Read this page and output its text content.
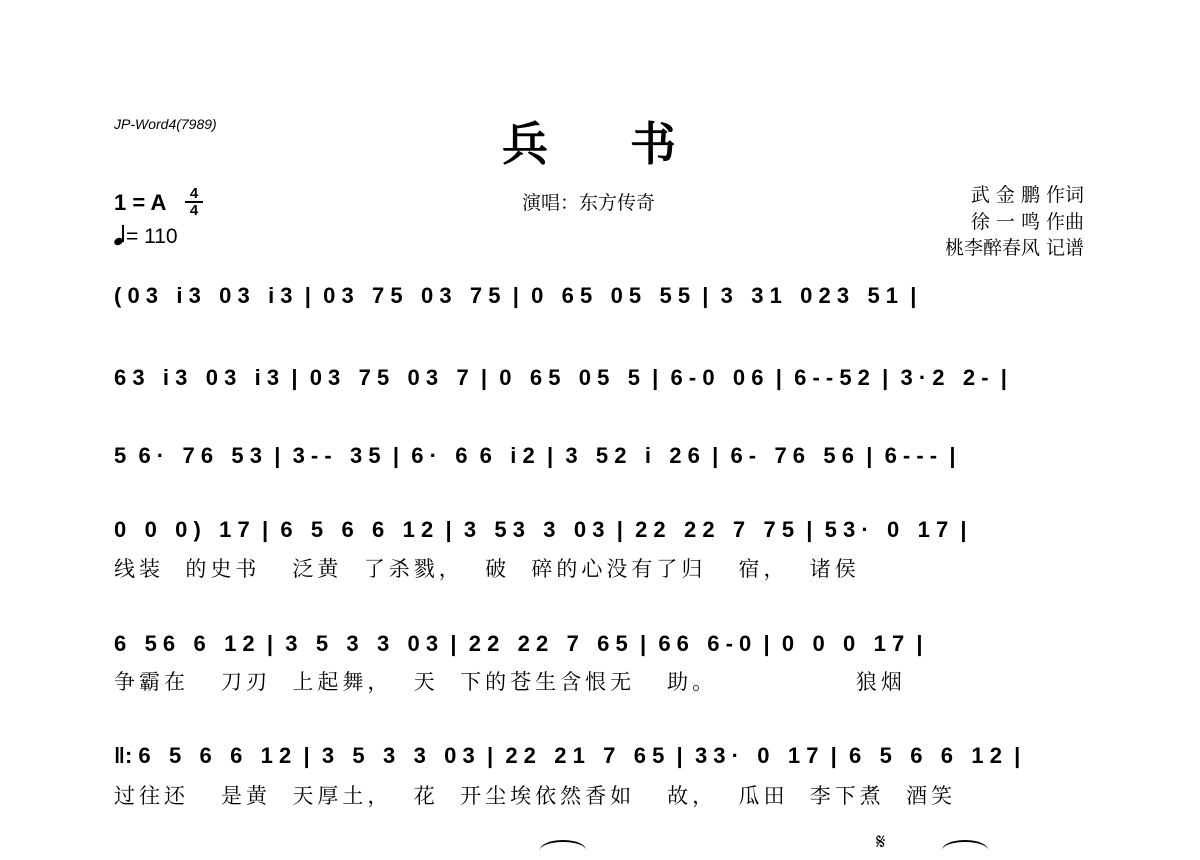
JP-Word4(7989)	兵书
演唱：东方传奇	武 金 鹏 作词
徐 一 鸣 作曲
桃李醉春风 记谱
1 = A	4
4
= 110
( 0 3   i 3   0 3   i 3  |  0 3   7 5   0 3   7 5  |  0   6 5   0 5   5 5  |  3   3 1   0 2 3   5 1  |
6 3   i 3   0 3   i 3  |  0 3   7 5   0 3   7  |  0   6 5   0 5   5  |  6 - 0   0 6  |  6 - - 5 2  |  3 · 2   2 -  |
5  6 ·   7 6   5 3  |  3 - -   3 5  |  6 ·   6  6   i 2  |  3   5 2   i   2 6  |  6 -   7 6   5 6  |  6 - - -  |
0   0   0 )   1 7  |  6   5   6   6   1 2  |  3   5 3   3   0 3  |  2 2   2 2   7   7 5  |  5 3 ·   0   1 7  |
线装  的史书   泛黄  了杀戮，  破  碎的心没有了归   宿，  诸侯
6   5 6   6   1 2  |  3   5   3   3   0 3  |  2 2   2 2   7   6 5  |  6 6   6 - 0  |  0   0   0   1 7  |
争霸在   刀刃  上起舞，  天  下的苍生含恨无   助。             狼烟
‖: 6   5   6   6   1 2  |  3   5   3   3   0 3  |  2 2   2 1   7   6 5  |  3 3 ·   0   1 7  |  6   5   6   6   1 2  |
过往还   是黄  天厚土，  花  开尘埃依然香如   故，  瓜田  李下煮  酒笑
𝄋
